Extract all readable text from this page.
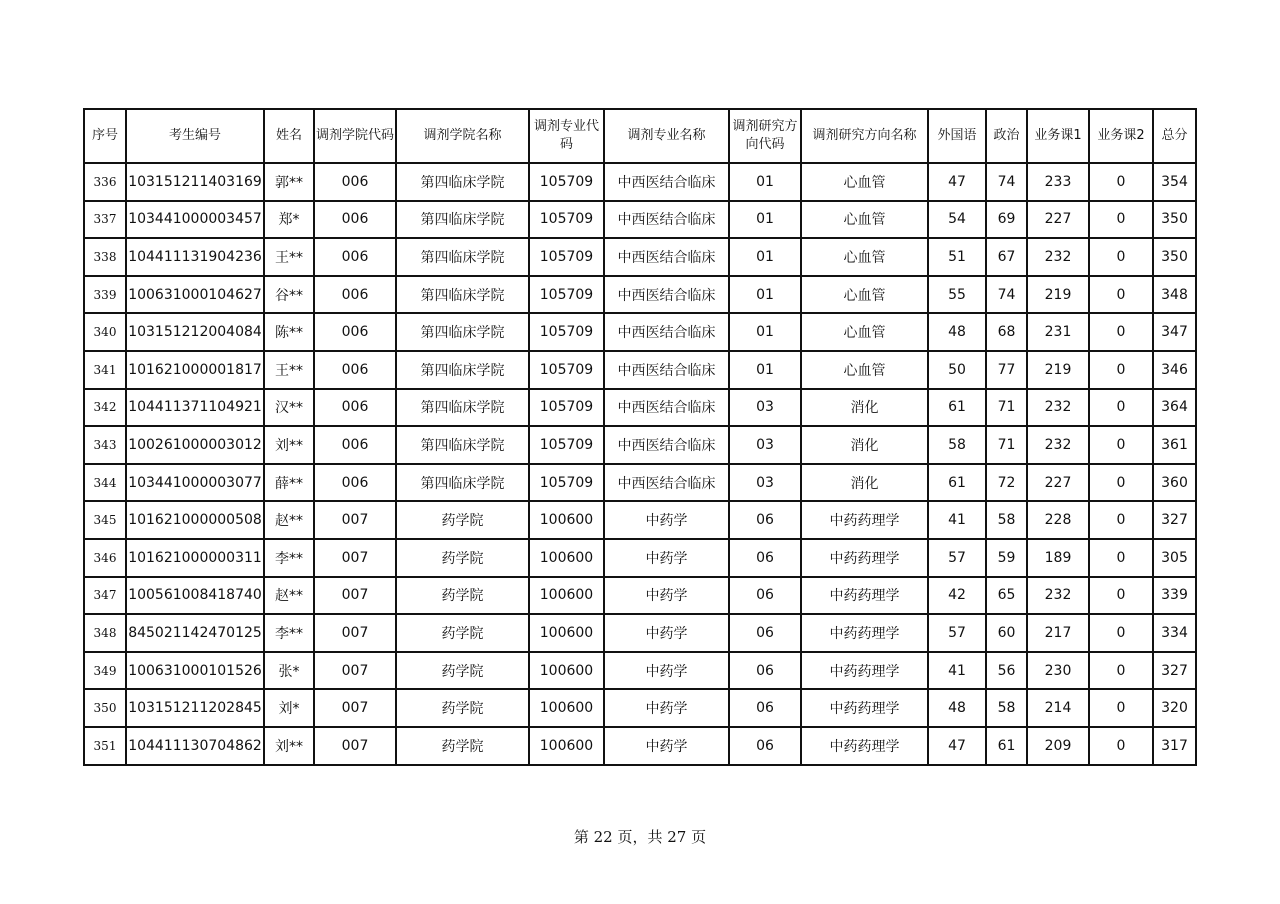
序号	考生编号	姓名	调剂学院代码	调剂学院名称	调剂专业代码	调剂专业名称	调剂研究方向代码	调剂研究方向名称	外国语	政治	业务课1	业务课2	总分
336	103151211403169	郭**	006	第四临床学院	105709	中西医结合临床	01	心血管	47	74	233	0	354
337	103441000003457	郑*	006	第四临床学院	105709	中西医结合临床	01	心血管	54	69	227	0	350
338	104411131904236	王**	006	第四临床学院	105709	中西医结合临床	01	心血管	51	67	232	0	350
339	100631000104627	谷**	006	第四临床学院	105709	中西医结合临床	01	心血管	55	74	219	0	348
340	103151212004084	陈**	006	第四临床学院	105709	中西医结合临床	01	心血管	48	68	231	0	347
341	101621000001817	王**	006	第四临床学院	105709	中西医结合临床	01	心血管	50	77	219	0	346
342	104411371104921	汉**	006	第四临床学院	105709	中西医结合临床	03	消化	61	71	232	0	364
343	100261000003012	刘**	006	第四临床学院	105709	中西医结合临床	03	消化	58	71	232	0	361
344	103441000003077	薛**	006	第四临床学院	105709	中西医结合临床	03	消化	61	72	227	0	360
345	101621000000508	赵**	007	药学院	100600	中药学	06	中药药理学	41	58	228	0	327
346	101621000000311	李**	007	药学院	100600	中药学	06	中药药理学	57	59	189	0	305
347	100561008418740	赵**	007	药学院	100600	中药学	06	中药药理学	42	65	232	0	339
348	845021142470125	李**	007	药学院	100600	中药学	06	中药药理学	57	60	217	0	334
349	100631000101526	张*	007	药学院	100600	中药学	06	中药药理学	41	56	230	0	327
350	103151211202845	刘*	007	药学院	100600	中药学	06	中药药理学	48	58	214	0	320
351	104411130704862	刘**	007	药学院	100600	中药学	06	中药药理学	47	61	209	0	317
第 22 页，共 27 页
